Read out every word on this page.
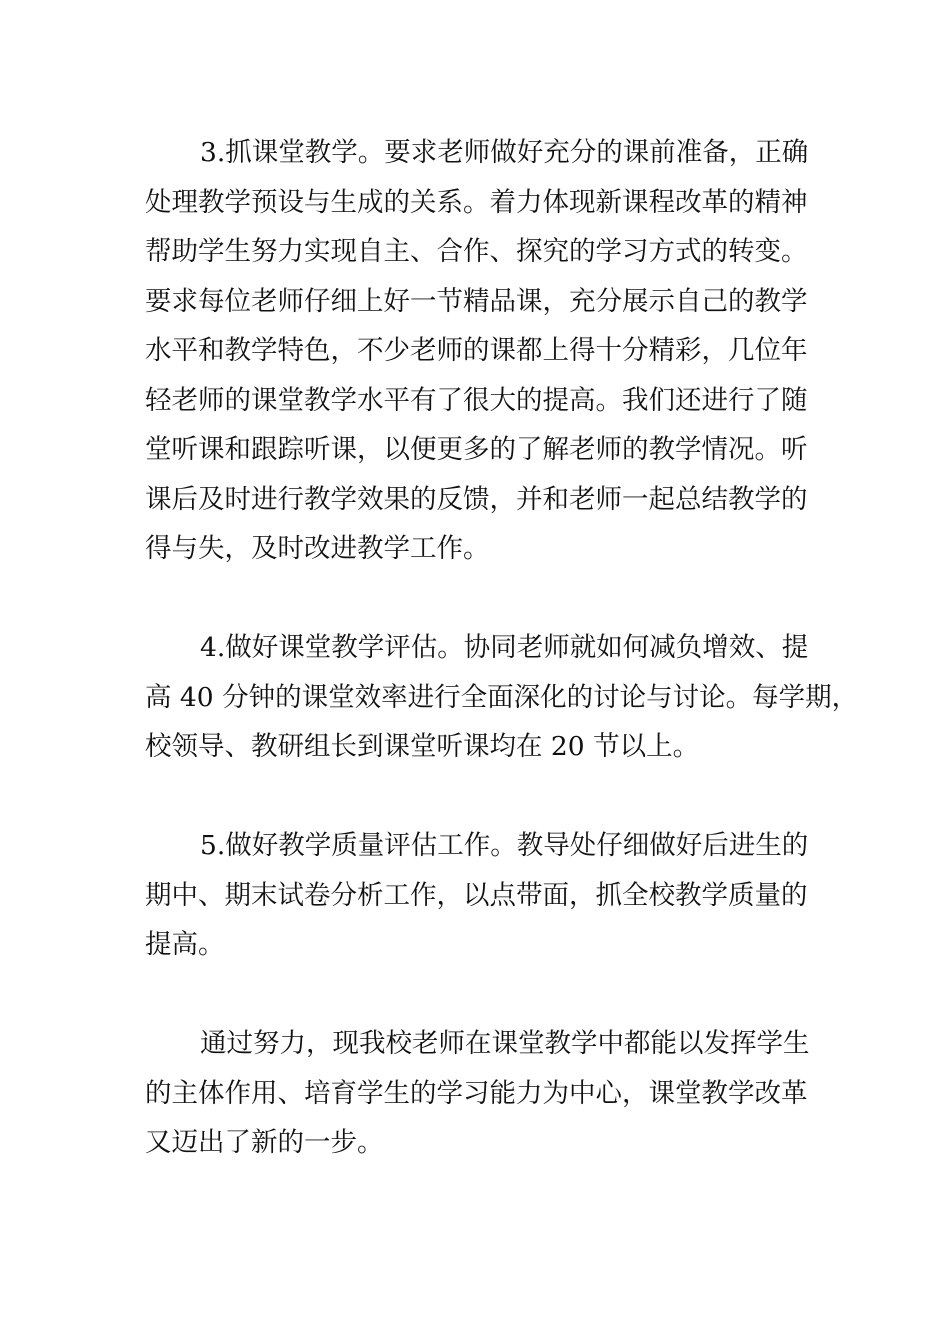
3.抓课堂教学。要求老师做好充分的课前准备，正确
处理教学预设与生成的关系。着力体现新课程改革的精神
帮助学生努力实现自主、合作、探究的学习方式的转变。
要求每位老师仔细上好一节精品课，充分展示自己的教学
水平和教学特色，不少老师的课都上得十分精彩，几位年
轻老师的课堂教学水平有了很大的提高。我们还进行了随
堂听课和跟踪听课，以便更多的了解老师的教学情况。听
课后及时进行教学效果的反馈，并和老师一起总结教学的
得与失，及时改进教学工作。

4.做好课堂教学评估。协同老师就如何减负增效、提
高 40 分钟的课堂效率进行全面深化的讨论与讨论。每学期，
校领导、教研组长到课堂听课均在 20 节以上。

5.做好教学质量评估工作。教导处仔细做好后进生的
期中、期末试卷分析工作，以点带面，抓全校教学质量的
提高。

通过努力，现我校老师在课堂教学中都能以发挥学生
的主体作用、培育学生的学习能力为中心，课堂教学改革
又迈出了新的一步。
